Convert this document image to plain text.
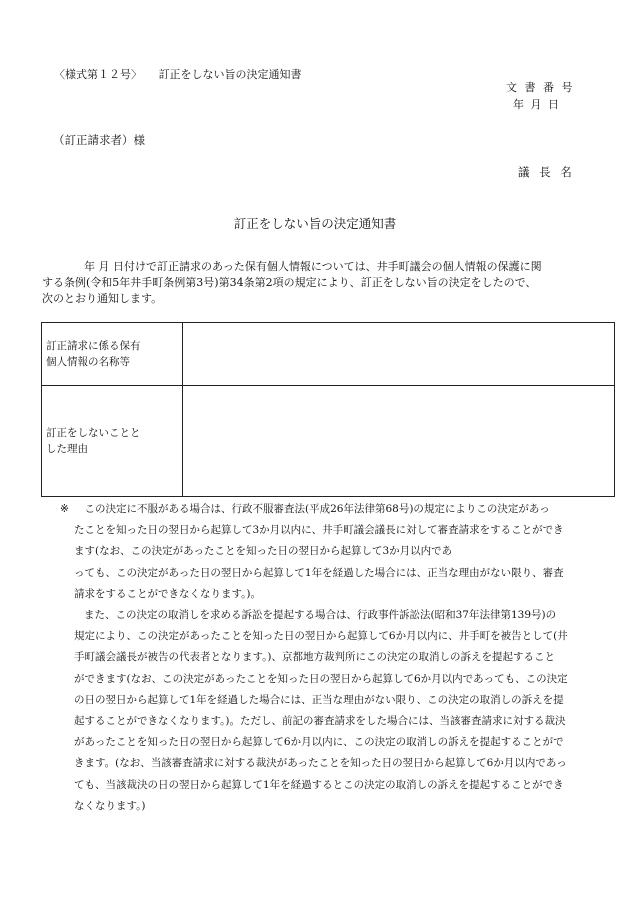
〈様式第１２号〉　　訂正をしない旨の決定通知書
文 書 番 号
年 月 日
（訂正請求者）様
議 長 名
訂正をしない旨の決定通知書

年 月 日付けで訂正請求のあった保有個人情報については、井手町議会の個人情報の保護に関

する条例(令和5年井手町条例第3号)第34条第2項の規定により、訂正をしない旨の決定をしたので、

次のとおり通知します。

訂正請求に係る保有
個人情報の名称等	

訂正をしないことと
した理由	

※　 この決定に不服がある場合は、行政不服審査法(平成26年法律第68号)の規定によりこの決定があっ

たことを知った日の翌日から起算して3か月以内に、井手町議会議長に対して審査請求をすることができ

ます(なお、この決定があったことを知った日の翌日から起算して3か月以内であ

っても、この決定があった日の翌日から起算して1年を経過した場合には、正当な理由がない限り、審査

請求をすることができなくなります。)。

また、この決定の取消しを求める訴訟を提起する場合は、行政事件訴訟法(昭和37年法律第139号)の

規定により、この決定があったことを知った日の翌日から起算して6か月以内に、井手町を被告として(井

手町議会議長が被告の代表者となります。)、京都地方裁判所にこの決定の取消しの訴えを提起すること

ができます(なお、この決定があったことを知った日の翌日から起算して6か月以内であっても、この決定

の日の翌日から起算して1年を経過した場合には、正当な理由がない限り、この決定の取消しの訴えを提

起することができなくなります。)。ただし、前記の審査請求をした場合には、当該審査請求に対する裁決

があったことを知った日の翌日から起算して6か月以内に、この決定の取消しの訴えを提起することがで

きます。(なお、当該審査請求に対する裁決があったことを知った日の翌日から起算して6か月以内であっ

ても、当該裁決の日の翌日から起算して1年を経過するとこの決定の取消しの訴えを提起することができ

なくなります。)
